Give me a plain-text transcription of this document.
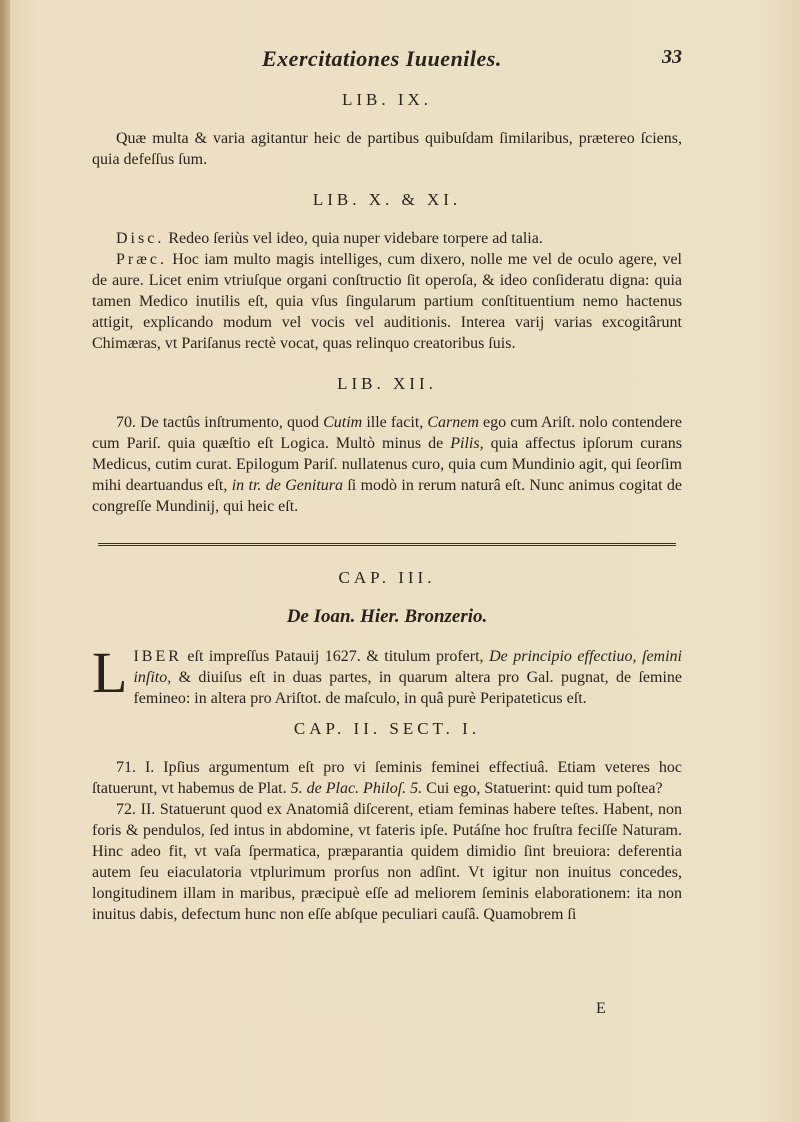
Exercitationes Iuueniles.	33
LIB. IX.

Quæ multa & varia agitantur heic de partibus quibuſdam ſimilaribus, prætereo ſciens, quia defeſſus ſum.

LIB. X. & XI.

Disc. Redeo ſeriùs vel ideo, quia nuper videbare torpere ad talia.

Præc. Hoc iam multo magis intelliges, cum dixero, nolle me vel de oculo agere, vel de aure. Licet enim vtriuſque organi conſtructio ſit operoſa, & ideo conſideratu digna: quia tamen Medico inutilis eſt, quia vſus ſingularum partium conſtituentium nemo hactenus attigit, explicando modum vel vocis vel auditionis. Interea varij varias excogitârunt Chimæras, vt Pariſanus rectè vocat, quas relinquo creatoribus ſuis.

LIB. XII.

70. De tactûs inſtrumento, quod Cutim ille facit, Carnem ego cum Ariſt. nolo contendere cum Pariſ. quia quæſtio eſt Logica. Multò minus de Pilis, quia affectus ipſorum curans Medicus, cutim curat. Epilogum Pariſ. nullatenus curo, quia cum Mundinio agit, qui ſeorſim mihi deartuandus eſt, in tr. de Genitura ſi modò in rerum naturâ eſt. Nunc animus cogitat de congreſſe Mundinij, qui heic eſt.

CAP. III.
De Ioan. Hier. Bronzerio.

LIBER eſt impreſſus Patauij 1627. & titulum profert, De principio effectiuo, ſemini inſito, & diuiſus eſt in duas partes, in quarum altera pro Gal. pugnat, de ſemine femineo: in altera pro Ariſtot. de maſculo, in quâ purè Peripateticus eſt.

CAP. II. SECT. I.

71. I. Ipſius argumentum eſt pro vi ſeminis feminei effectiuâ. Etiam veteres hoc ſtatuerunt, vt habemus de Plat. 5. de Plac. Philoſ. 5. Cui ego, Statuerint: quid tum poſtea?

72. II. Statuerunt quod ex Anatomiâ diſcerent, etiam feminas habere teſtes. Habent, non foris & pendulos, ſed intus in abdomine, vt fateris ipſe. Putáſne hoc fruſtra feciſſe Naturam. Hinc adeo fit, vt vaſa ſpermatica, præparantia quidem dimidio ſint breuiora: deferentia autem ſeu eiaculatoria vtplurimum prorſus non adſint. Vt igitur non inuitus concedes, longitudinem illam in maribus, præcipuè eſſe ad meliorem ſeminis elaborationem: ita non inuitus dabis, defectum hunc non eſſe abſque peculiari cauſâ. Quamobrem ſi

E
